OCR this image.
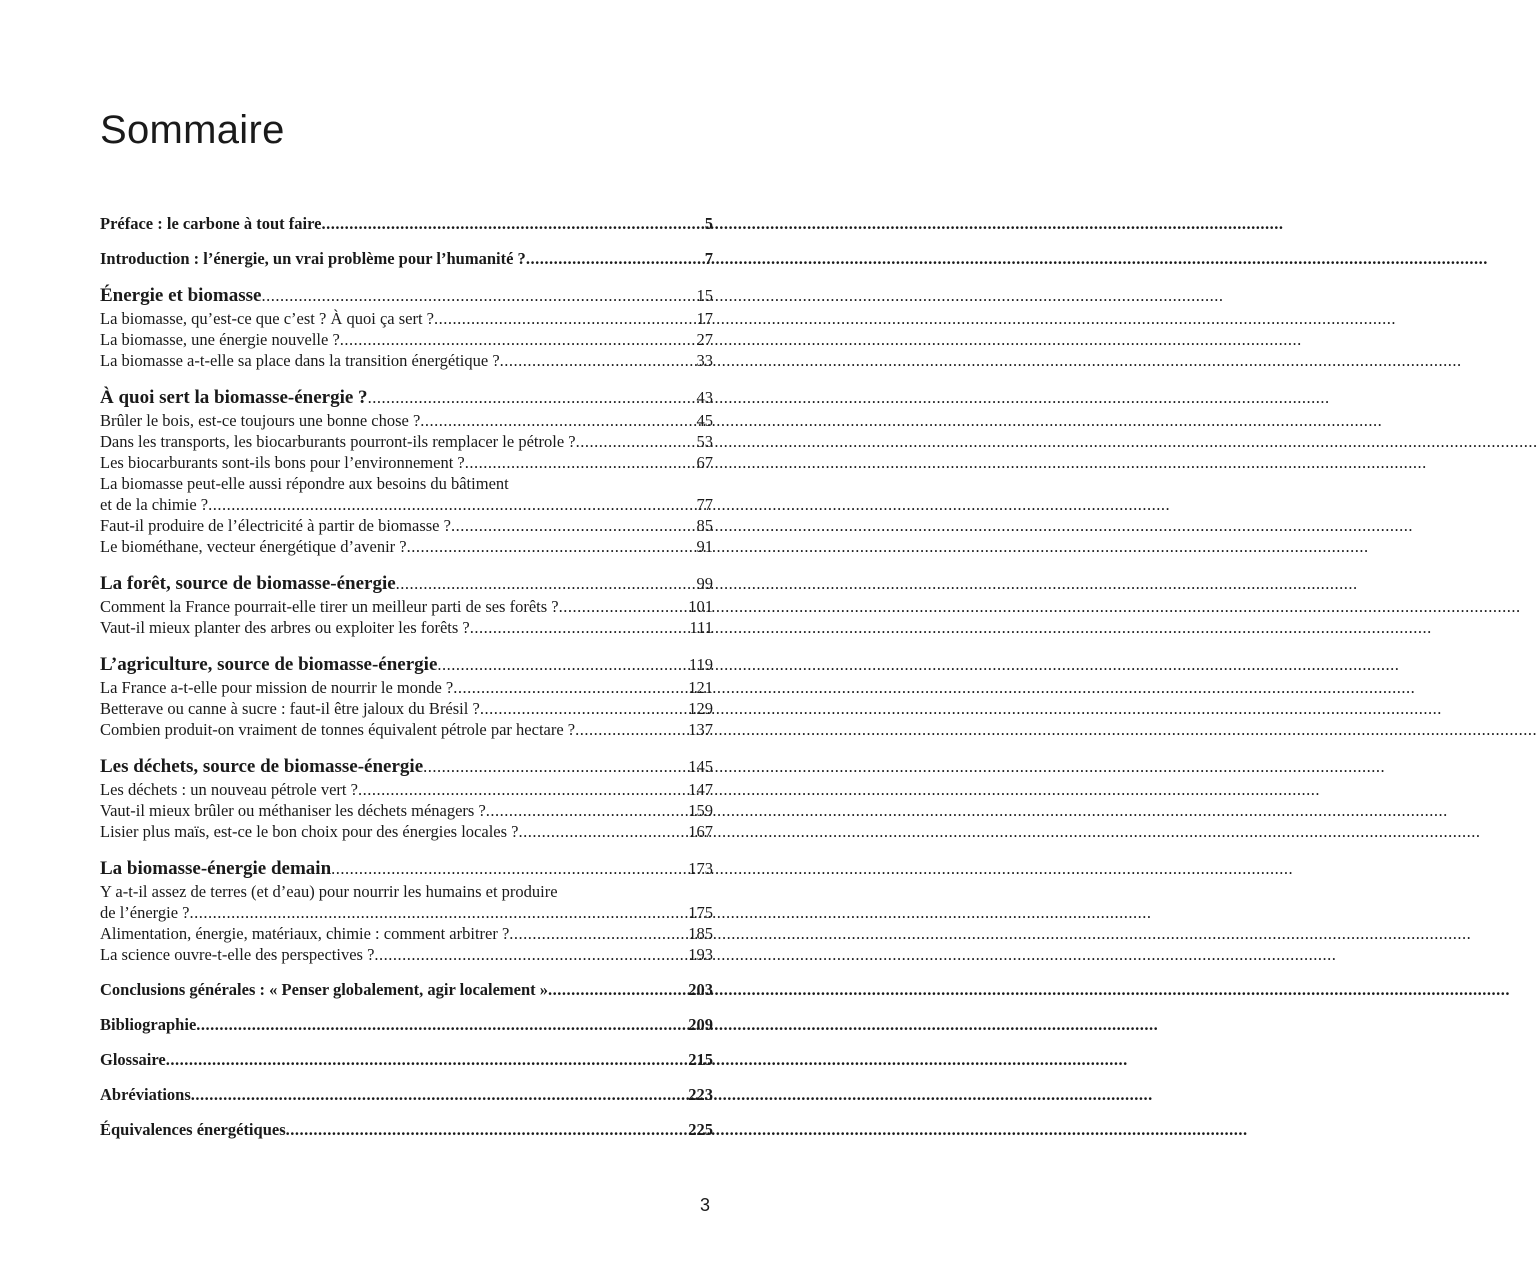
Sommaire
Préface : le carbone à tout faire .....	5
Introduction : l’énergie, un vrai problème pour l’humanité ? .....	7
Énergie et biomasse .....	15
La biomasse, qu’est-ce que c’est ? À quoi ça sert ? .....	17
La biomasse, une énergie nouvelle ? .....	27
La biomasse a-t-elle sa place dans la transition énergétique ? .....	33
À quoi sert la biomasse-énergie ? .....	43
Brûler le bois, est-ce toujours une bonne chose ? .....	45
Dans les transports, les biocarburants pourront-ils remplacer le pétrole ? .....	53
Les biocarburants sont-ils bons pour l’environnement ? .....	67
La biomasse peut-elle aussi répondre aux besoins du bâtiment
et de la chimie ? .....	77
Faut-il produire de l’électricité à partir de biomasse ? .....	85
Le biométhane, vecteur énergétique d’avenir ? .....	91
La forêt, source de biomasse-énergie .....	99
Comment la France pourrait-elle tirer un meilleur parti de ses forêts ? .....	101
Vaut-il mieux planter des arbres ou exploiter les forêts ? .....	111
L’agriculture, source de biomasse-énergie .....	119
La France a-t-elle pour mission de nourrir le monde ? .....	121
Betterave ou canne à sucre : faut-il être jaloux du Brésil ? .....	129
Combien produit-on vraiment de tonnes équivalent pétrole par hectare ? .....	137
Les déchets, source de biomasse-énergie .....	145
Les déchets : un nouveau pétrole vert ? .....	147
Vaut-il mieux brûler ou méthaniser les déchets ménagers ? .....	159
Lisier plus maïs, est-ce le bon choix pour des énergies locales ? .....	167
La biomasse-énergie demain .....	173
Y a-t-il assez de terres (et d’eau) pour nourrir les humains et produire
de l’énergie ? .....	175
Alimentation, énergie, matériaux, chimie : comment arbitrer ? .....	185
La science ouvre-t-elle des perspectives ? .....	193
Conclusions générales : « Penser globalement, agir localement » .....	203
Bibliographie .....	209
Glossaire .....	215
Abréviations .....	223
Équivalences énergétiques .....	225
3
